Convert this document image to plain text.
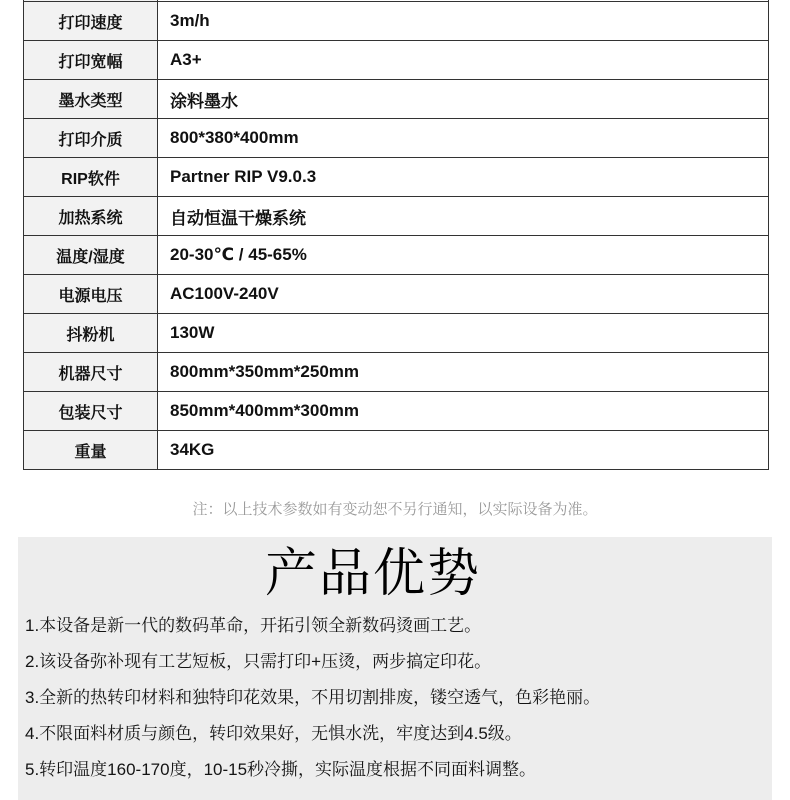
打印速度	3m/h
打印宽幅	A3+
墨水类型	涂料墨水
打印介质	800*380*400mm
RIP软件	Partner RIP V9.0.3
加热系统	自动恒温干燥系统
温度/湿度	20-30℃ / 45-65%
电源电压	AC100V-240V
抖粉机	130W
机器尺寸	800mm*350mm*250mm
包装尺寸	850mm*400mm*300mm
重量	34KG
注：以上技术参数如有变动恕不另行通知，以实际设备为准。
产品优势
1.本设备是新一代的数码革命，开拓引领全新数码烫画工艺。
2.该设备弥补现有工艺短板，只需打印+压烫，两步搞定印花。
3.全新的热转印材料和独特印花效果，不用切割排废，镂空透气，色彩艳丽。
4.不限面料材质与颜色，转印效果好，无惧水洗，牢度达到4.5级。
5.转印温度160-170度，10-15秒冷撕，实际温度根据不同面料调整。
